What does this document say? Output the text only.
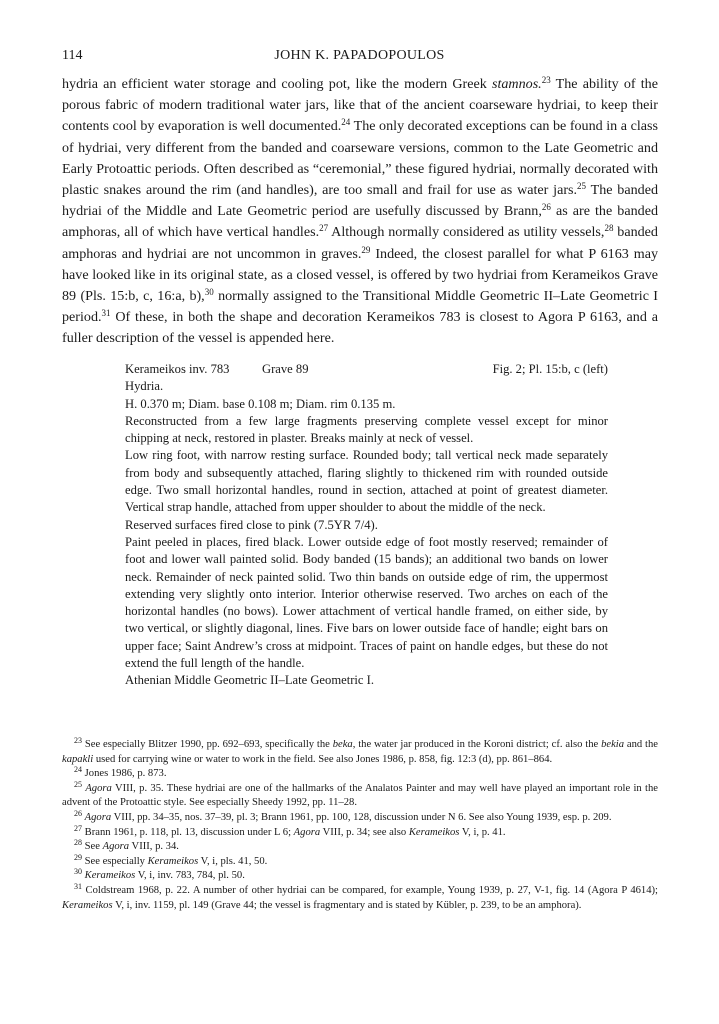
114	JOHN K. PAPADOPOULOS

hydria an efficient water storage and cooling pot, like the modern Greek stamnos.$^{23}$ The ability of the porous fabric of modern traditional water jars, like that of the ancient coarseware hydriai, to keep their contents cool by evaporation is well documented.$^{24}$ The only decorated exceptions can be found in a class of hydriai, very different from the banded and coarseware versions, common to the Late Geometric and Early Protoattic periods. Often described as “ceremonial,” these figured hydriai, normally decorated with plastic snakes around the rim (and handles), are too small and frail for use as water jars.$^{25}$ The banded hydriai of the Middle and Late Geometric period are usefully discussed by Brann,$^{26}$ as are the banded amphoras, all of which have vertical handles.$^{27}$ Although normally considered as utility vessels,$^{28}$ banded amphoras and hydriai are not uncommon in graves.$^{29}$ Indeed, the closest parallel for what P 6163 may have looked like in its original state, as a closed vessel, is offered by two hydriai from Kerameikos Grave 89 (Pls. 15:b, c, 16:a, b),$^{30}$ normally assigned to the Transitional Middle Geometric II–Late Geometric I period.$^{31}$ Of these, in both the shape and decoration Kerameikos 783 is closest to Agora P 6163, and a fuller description of the vessel is appended here.

Kerameikos inv. 783	Grave 89	Fig. 2; Pl. 15:b, c (left)

Hydria.

H. 0.370 m; Diam. base 0.108 m; Diam. rim 0.135 m.

Reconstructed from a few large fragments preserving complete vessel except for minor chipping at neck, restored in plaster. Breaks mainly at neck of vessel.

Low ring foot, with narrow resting surface. Rounded body; tall vertical neck made separately from body and subsequently attached, flaring slightly to thickened rim with rounded outside edge. Two small horizontal handles, round in section, attached at point of greatest diameter. Vertical strap handle, attached from upper shoulder to about the middle of the neck.

Reserved surfaces fired close to pink (7.5YR 7/4).

Paint peeled in places, fired black. Lower outside edge of foot mostly reserved; remainder of foot and lower wall painted solid. Body banded (15 bands); an additional two bands on lower neck. Remainder of neck painted solid. Two thin bands on outside edge of rim, the uppermost extending very slightly onto interior. Interior otherwise reserved. Two arches on each of the horizontal handles (no bows). Lower attachment of vertical handle framed, on either side, by two vertical, or slightly diagonal, lines. Five bars on lower outside face of handle; eight bars on upper face; Saint Andrew’s cross at midpoint. Traces of paint on handle edges, but these do not extend the full length of the handle.

Athenian Middle Geometric II–Late Geometric I.

$^{23}$ See especially Blitzer 1990, pp. 692–693, specifically the beka, the water jar produced in the Koroni district; cf. also the bekia and the kapakli used for carrying wine or water to work in the field. See also Jones 1986, p. 858, fig. 12:3 (d), pp. 861–864.

$^{24}$ Jones 1986, p. 873.

$^{25}$ Agora VIII, p. 35. These hydriai are one of the hallmarks of the Analatos Painter and may well have played an important role in the advent of the Protoattic style. See especially Sheedy 1992, pp. 11–28.

$^{26}$ Agora VIII, pp. 34–35, nos. 37–39, pl. 3; Brann 1961, pp. 100, 128, discussion under N 6. See also Young 1939, esp. p. 209.

$^{27}$ Brann 1961, p. 118, pl. 13, discussion under L 6; Agora VIII, p. 34; see also Kerameikos V, i, p. 41.

$^{28}$ See Agora VIII, p. 34.

$^{29}$ See especially Kerameikos V, i, pls. 41, 50.

$^{30}$ Kerameikos V, i, inv. 783, 784, pl. 50.

$^{31}$ Coldstream 1968, p. 22. A number of other hydriai can be compared, for example, Young 1939, p. 27, V-1, fig. 14 (Agora P 4614); Kerameikos V, i, inv. 1159, pl. 149 (Grave 44; the vessel is fragmentary and is stated by Kübler, p. 239, to be an amphora).
